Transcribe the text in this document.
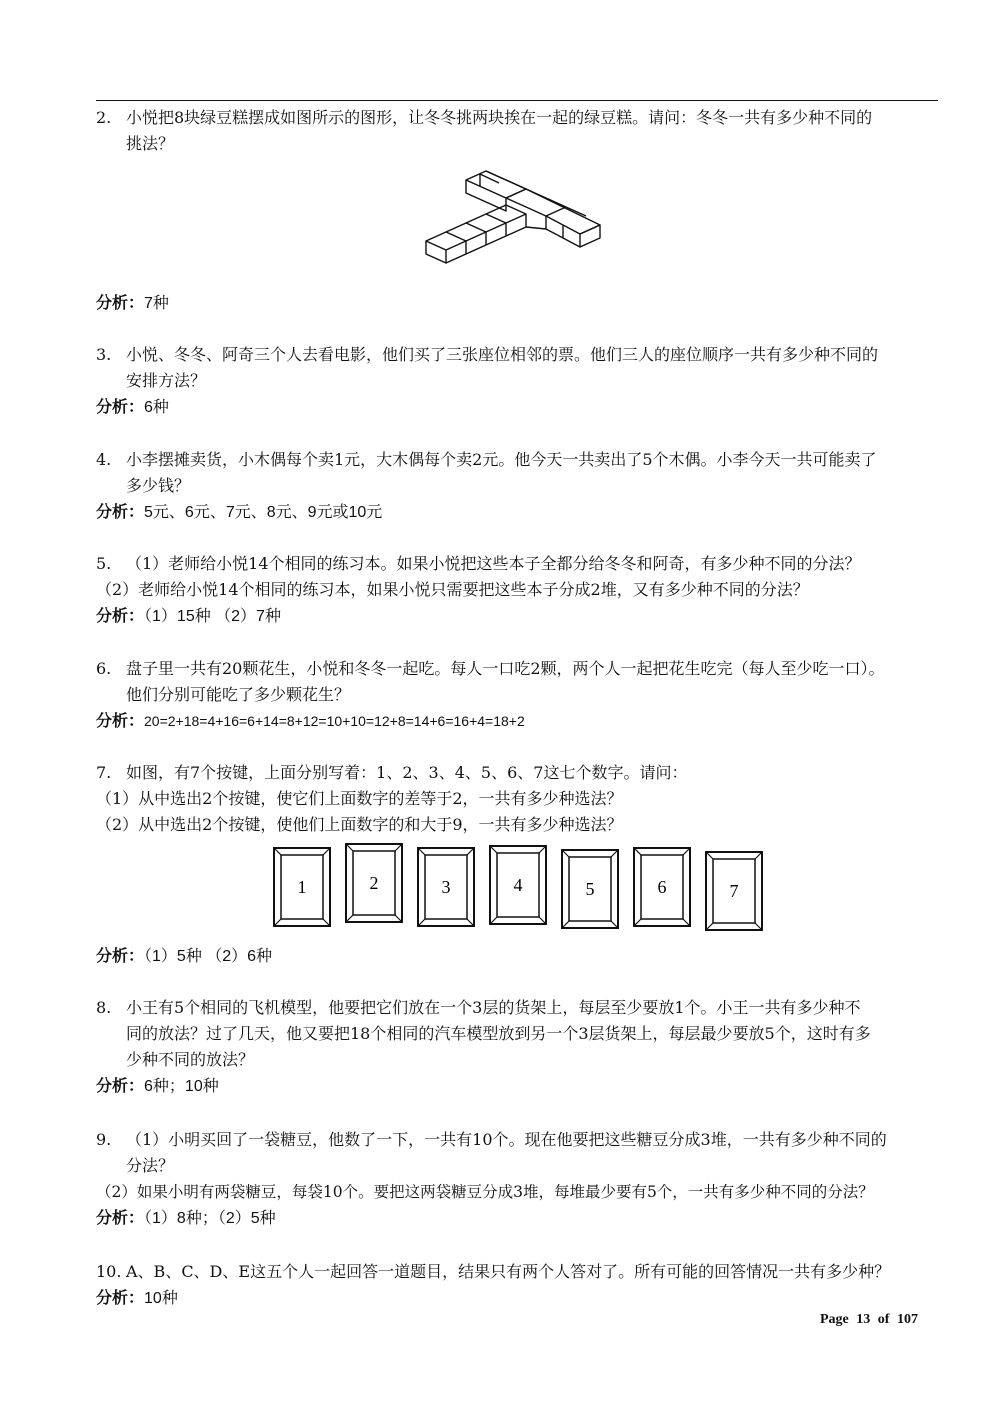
2. 小悦把8块绿豆糕摆成如图所示的图形，让冬冬挑两块挨在一起的绿豆糕。请问：冬冬一共有多少种不同的
挑法？
分析：7种
3. 小悦、冬冬、阿奇三个人去看电影，他们买了三张座位相邻的票。他们三人的座位顺序一共有多少种不同的
安排方法？
分析：6种
4. 小李摆摊卖货，小木偶每个卖1元，大木偶每个卖2元。他今天一共卖出了5个木偶。小李今天一共可能卖了
多少钱？
分析：5元、6元、7元、8元、9元或10元
5. （1）老师给小悦14个相同的练习本。如果小悦把这些本子全都分给冬冬和阿奇，有多少种不同的分法？
（2）老师给小悦14个相同的练习本，如果小悦只需要把这些本子分成2堆，又有多少种不同的分法？
分析：（1）15种 （2）7种
6. 盘子里一共有20颗花生，小悦和冬冬一起吃。每人一口吃2颗，两个人一起把花生吃完（每人至少吃一口）。
他们分别可能吃了多少颗花生？
分析：20=2+18=4+16=6+14=8+12=10+10=12+8=14+6=16+4=18+2
7. 如图，有7个按键，上面分别写着：1、2、3、4、5、6、7这七个数字。请问：
（1）从中选出2个按键，使它们上面数字的差等于2，一共有多少种选法？
（2）从中选出2个按键，使他们上面数字的和大于9，一共有多少种选法？
1	2	3	4	5	6	7
分析：（1）5种 （2）6种
8. 小王有5个相同的飞机模型，他要把它们放在一个3层的货架上，每层至少要放1个。小王一共有多少种不
同的放法？过了几天，他又要把18个相同的汽车模型放到另一个3层货架上，每层最少要放5个，这时有多
少种不同的放法？
分析：6种；10种
9. （1）小明买回了一袋糖豆，他数了一下，一共有10个。现在他要把这些糖豆分成3堆，一共有多少种不同的
分法？
（2）如果小明有两袋糖豆，每袋10个。要把这两袋糖豆分成3堆，每堆最少要有5个，一共有多少种不同的分法？
分析：（1）8种；（2）5种
10. A、B、C、D、E这五个人一起回答一道题目，结果只有两个人答对了。所有可能的回答情况一共有多少种？
分析：10种
Page 13 of 107
